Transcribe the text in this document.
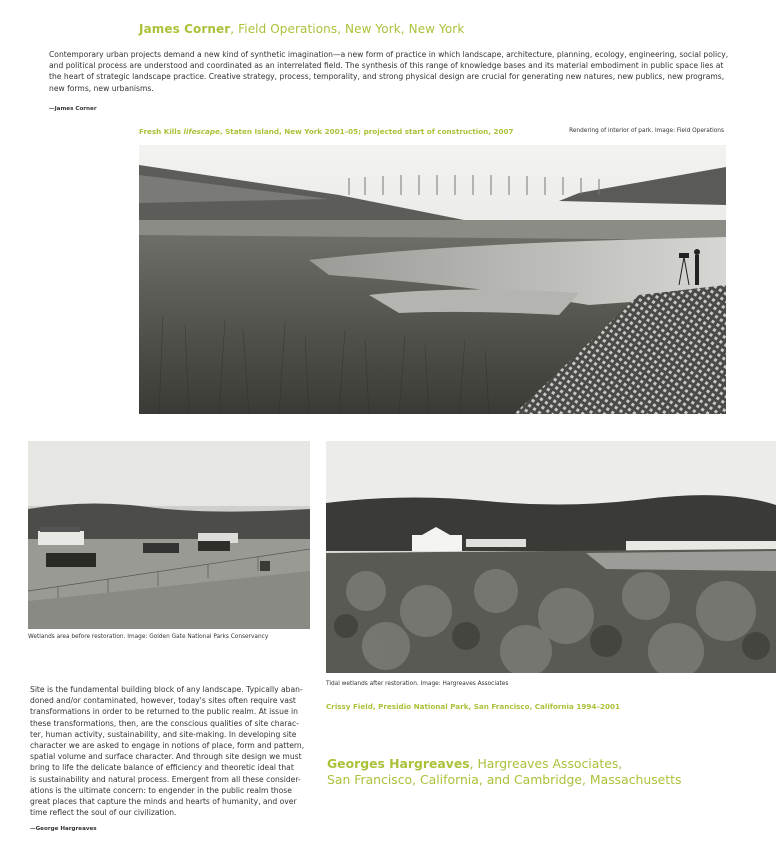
James Corner, Field Operations, New York, New York
Contemporary urban projects demand a new kind of synthetic imagination—a new form of practice in which landscape, architecture, planning, ecology, engineering, social policy, and political process are understood and coordinated as an interrelated field. The synthesis of this range of knowledge bases and its material embodiment in public space lies at the heart of strategic landscape practice. Creative strategy, process, temporality, and strong physical design are crucial for generating new natures, new publics, new programs, new forms, new urbanisms.
—James Corner
Fresh Kills lifescape, Staten Island, New York 2001–05; projected start of construction, 2007	Rendering of interior of park. Image: Field Operations
Wetlands area before restoration. Image: Golden Gate National Parks Conservancy
Tidal wetlands after restoration. Image: Hargreaves Associates
Crissy Field, Presidio National Park, San Francisco, California 1994–2001
Site is the fundamental building block of any landscape. Typically aban-
doned and/or contaminated, however, today's sites often require vast
transformations in order to be returned to the public realm. At issue in
these transformations, then, are the conscious qualities of site charac-
ter, human activity, sustainability, and site-making. In developing site
character we are asked to engage in notions of place, form and pattern,
spatial volume and surface character. And through site design we must
bring to life the delicate balance of efficiency and theoretic ideal that
is sustainability and natural process. Emergent from all these consider-
ations is the ultimate concern: to engender in the public realm those
great places that capture the minds and hearts of humanity, and over
time reflect the soul of our civilization.
—George Hargreaves
Georges Hargreaves, Hargreaves Associates,
San Francisco, California, and Cambridge, Massachusetts
